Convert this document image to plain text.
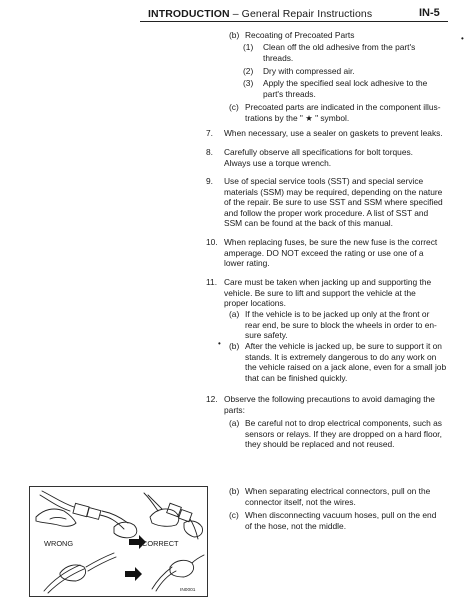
INTRODUCTION – General Repair Instructions	IN-5
(b) Recoating of Precoated Parts	•
(1) Clean off the old adhesive from the part's
threads.
(2) Dry with compressed air.
(3) Apply the specified seal lock adhesive to the
part's threads.
(c) Precoated parts are indicated in the component illus-
trations by the " ★ " symbol.
7. When necessary, use a sealer on gaskets to prevent leaks.
8. Carefully observe all specifications for bolt torques.
Always use a torque wrench.
9. Use of special service tools (SST) and special service
materials (SSM) may be required, depending on the nature
of the repair. Be sure to use SST and SSM where specified
and follow the proper work procedure. A list of SST and
SSM can be found at the back of this manual.
10. When replacing fuses, be sure the new fuse is the correct
amperage. DO NOT exceed the rating or use one of a
lower rating.
11. Care must be taken when jacking up and supporting the
vehicle. Be sure to lift and support the vehicle at the
proper locations.
(a) If the vehicle is to be jacked up only at the front or
rear end, be sure to block the wheels in order to en-
sure safety.
• (b) After the vehicle is jacked up, be sure to support it on
stands. It is extremely dangerous to do any work on
the vehicle raised on a jack alone, even for a small job
that can be finished quickly.
12. Observe the following precautions to avoid damaging the
parts:
(a) Be careful not to drop electrical components, such as
sensors or relays. If they are dropped on a hard floor,
they should be replaced and not reused.
(b) When separating electrical connectors, pull on the
connector itself, not the wires.
(c) When disconnecting vacuum hoses, pull on the end
of the hose, not the middle.
WRONG	CORRECT
IN0001
